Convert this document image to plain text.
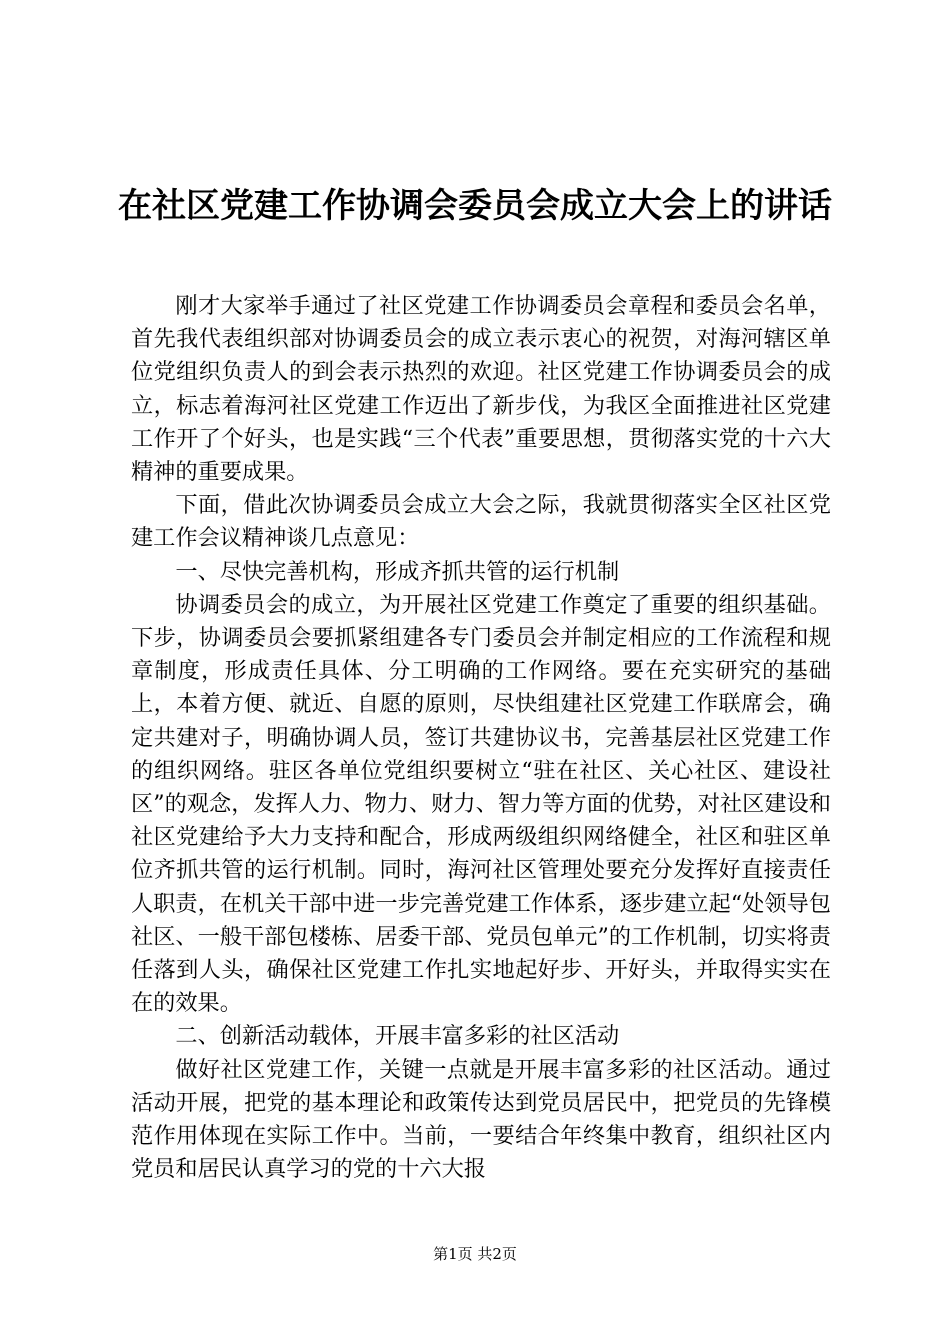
在社区党建工作协调会委员会成立大会上的讲话

刚才大家举手通过了社区党建工作协调委员会章程和委员会名单，首先我代表组织部对协调委员会的成立表示衷心的祝贺，对海河辖区单位党组织负责人的到会表示热烈的欢迎。社区党建工作协调委员会的成立，标志着海河社区党建工作迈出了新步伐，为我区全面推进社区党建工作开了个好头，也是实践“三个代表”重要思想，贯彻落实党的十六大精神的重要成果。

下面，借此次协调委员会成立大会之际，我就贯彻落实全区社区党建工作会议精神谈几点意见：

一、尽快完善机构，形成齐抓共管的运行机制

协调委员会的成立，为开展社区党建工作奠定了重要的组织基础。下步，协调委员会要抓紧组建各专门委员会并制定相应的工作流程和规章制度，形成责任具体、分工明确的工作网络。要在充实研究的基础上，本着方便、就近、自愿的原则，尽快组建社区党建工作联席会，确定共建对子，明确协调人员，签订共建协议书，完善基层社区党建工作的组织网络。驻区各单位党组织要树立“驻在社区、关心社区、建设社区”的观念，发挥人力、物力、财力、智力等方面的优势，对社区建设和社区党建给予大力支持和配合，形成两级组织网络健全，社区和驻区单位齐抓共管的运行机制。同时，海河社区管理处要充分发挥好直接责任人职责，在机关干部中进一步完善党建工作体系，逐步建立起“处领导包社区、一般干部包楼栋、居委干部、党员包单元”的工作机制，切实将责任落到人头，确保社区党建工作扎实地起好步、开好头，并取得实实在在的效果。

二、创新活动载体，开展丰富多彩的社区活动

做好社区党建工作，关键一点就是开展丰富多彩的社区活动。通过活动开展，把党的基本理论和政策传达到党员居民中，把党员的先锋模范作用体现在实际工作中。当前，一要结合年终集中教育，组织社区内党员和居民认真学习的党的十六大报

第1页 共2页
